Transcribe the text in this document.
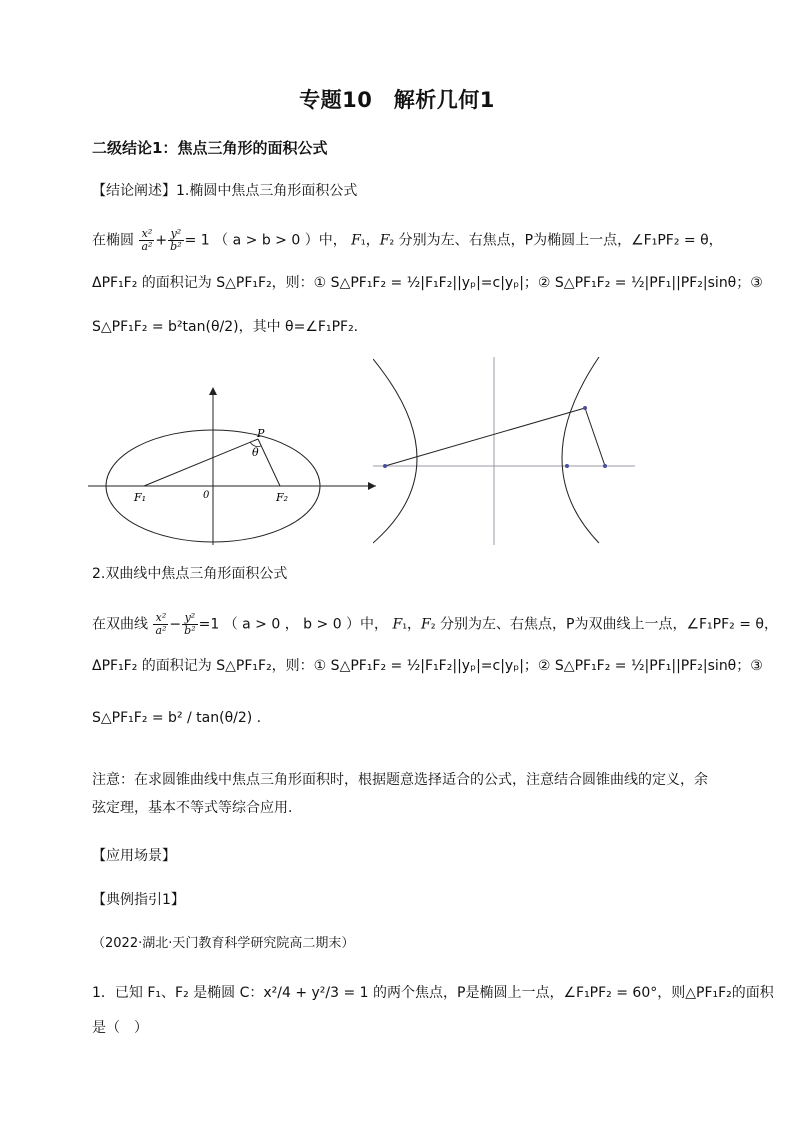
专题10　解析几何1
二级结论1：焦点三角形的面积公式
【结论阐述】1.椭圆中焦点三角形面积公式
在椭圆 $\frac{\text{x²}}{\text{a²}} + \frac{\text{y²}}{\text{b²}} = 1$ （ a > b > 0 ）中， F₁，F₂ 分别为左、右焦点，P为椭圆上一点，∠F₁PF₂ = θ，
ΔPF₁F₂ 的面积记为 S△PF₁F₂，则：① S△PF₁F₂ = ½|F₁F₂||yₚ|=c|yₚ|；② S△PF₁F₂ = ½|PF₁||PF₂|sinθ；③
S△PF₁F₂ = b²tan(θ/2)，其中 θ=∠F₁PF₂.
P
θ
F₁	0	F₂
2.双曲线中焦点三角形面积公式
在双曲线 $\frac{\text{x²}}{\text{a²}} - \frac{\text{y²}}{\text{b²}} =1$ （ a > 0 ， b > 0 ）中， F₁，F₂ 分别为左、右焦点，P为双曲线上一点，∠F₁PF₂ = θ，
ΔPF₁F₂ 的面积记为 S△PF₁F₂，则：① S△PF₁F₂ = ½|F₁F₂||yₚ|=c|yₚ|；② S△PF₁F₂ = ½|PF₁||PF₂|sinθ；③
S△PF₁F₂ = b² / tan(θ/2) .
注意：在求圆锥曲线中焦点三角形面积时，根据题意选择适合的公式，注意结合圆锥曲线的定义，余弦定理，基本不等式等综合应用.
【应用场景】
【典例指引1】
（2022·湖北·天门教育科学研究院高二期末）
1．已知 F₁、F₂ 是椭圆 C：x²/4 + y²/3 = 1 的两个焦点，P是椭圆上一点，∠F₁PF₂ = 60°，则△PF₁F₂的面积
是（　）
